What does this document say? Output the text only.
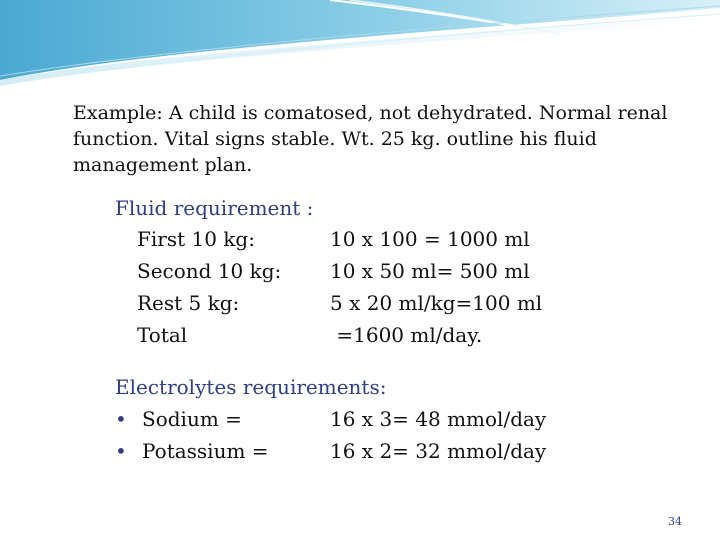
Example: A child is comatosed, not dehydrated. Normal renal function. Vital signs stable. Wt. 25 kg. outline his fluid management plan.
Fluid requirement :
First 10 kg:	10 x 100 = 1000 ml
Second 10 kg: 10 x 50 ml= 500 ml
Rest 5 kg:	5 x 20 ml/kg=100 ml
Total	=1600 ml/day.
Electrolytes requirements:
• Sodium =	16 x 3= 48 mmol/day
• Potassium =	16 x 2= 32 mmol/day
34
